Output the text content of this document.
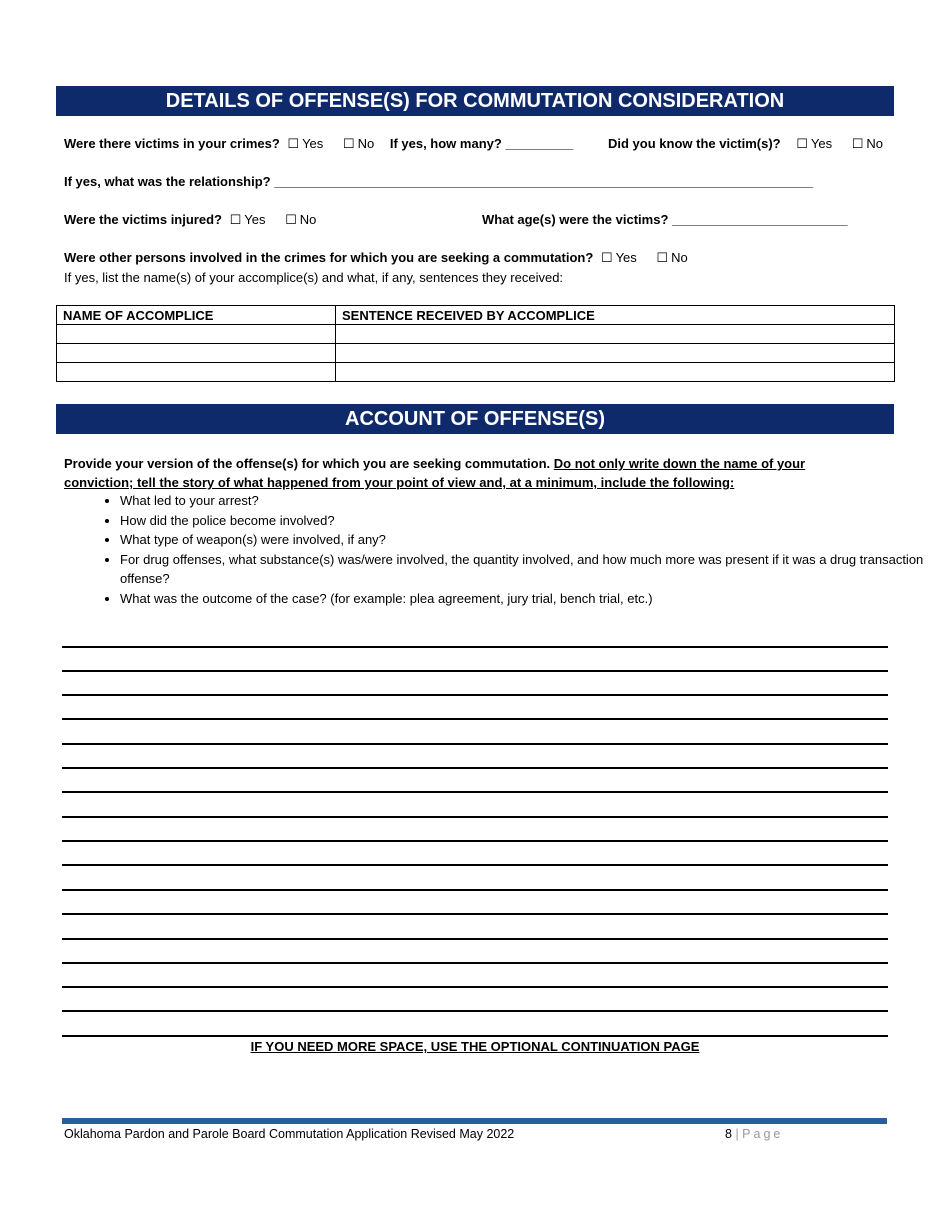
DETAILS OF OFFENSE(S) FOR COMMUTATION CONSIDERATION
Were there victims in your crimes? ☐ Yes ☐ No If yes, how many? __________	Did you know the victim(s)? ☐ Yes ☐ No
If yes, what was the relationship? ________________________________________________________________________________
Were the victims injured? ☐ Yes ☐ No	What age(s) were the victims? __________________________
Were other persons involved in the crimes for which you are seeking a commutation? ☐ Yes ☐ No
If yes, list the name(s) of your accomplice(s) and what, if any, sentences they received:
NAME OF ACCOMPLICE	SENTENCE RECEIVED BY ACCOMPLICE

ACCOUNT OF OFFENSE(S)
Provide your version of the offense(s) for which you are seeking commutation. Do not only write down the name of your conviction; tell the story of what happened from your point of view and, at a minimum, include the following:
• What led to your arrest?
• How did the police become involved?
• What type of weapon(s) were involved, if any?
• For drug offenses, what substance(s) was/were involved, the quantity involved, and how much more was present if it was a drug transaction offense?
• What was the outcome of the case? (for example: plea agreement, jury trial, bench trial, etc.)
IF YOU NEED MORE SPACE, USE THE OPTIONAL CONTINUATION PAGE
Oklahoma Pardon and Parole Board Commutation Application Revised May 2022	8 | Page
